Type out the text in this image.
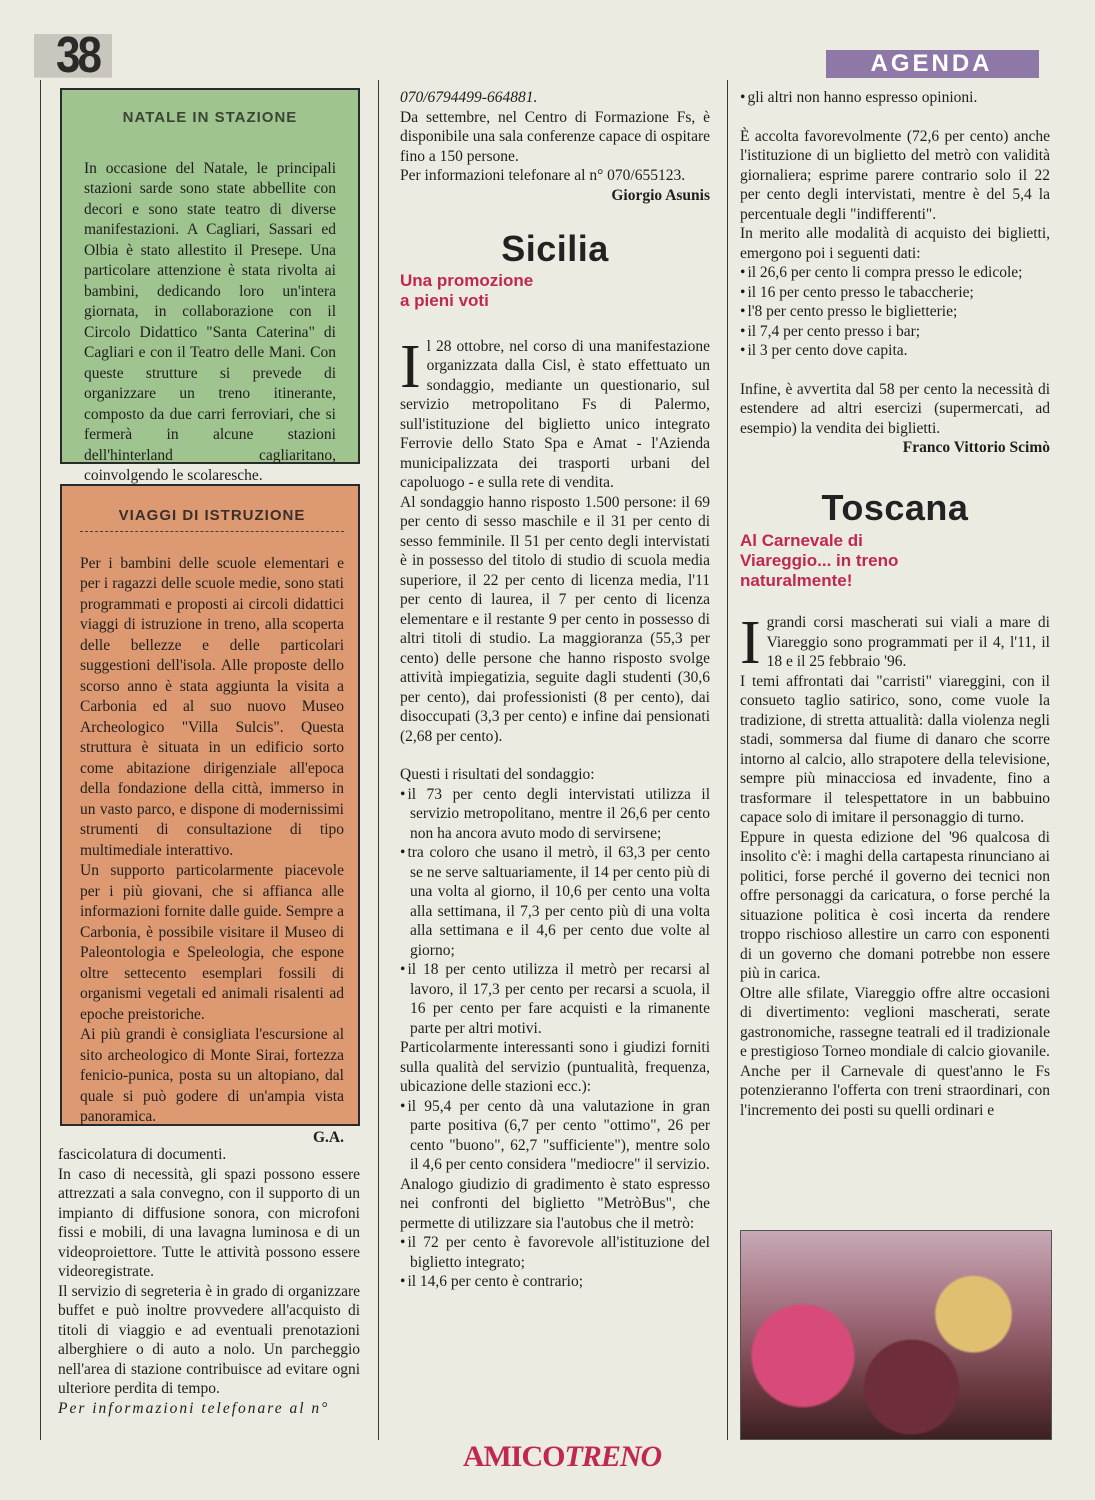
38	AGENDA
NATALE IN STAZIONE
In occasione del Natale, le principali stazioni sarde sono state abbellite con decori e sono state teatro di diverse manifestazioni. A Cagliari, Sassari ed Olbia è stato allestito il Presepe. Una particolare attenzione è stata rivolta ai bambini, dedicando loro un'intera giornata, in collaborazione con il Circolo Didattico "Santa Caterina" di Cagliari e con il Teatro delle Mani. Con queste strutture si prevede di organizzare un treno itinerante, composto da due carri ferroviari, che si fermerà in alcune stazioni dell'hinterland cagliaritano, coinvolgendo le scolaresche.
VIAGGI DI ISTRUZIONE
Per i bambini delle scuole elementari e per i ragazzi delle scuole medie, sono stati programmati e proposti ai circoli didattici viaggi di istruzione in treno, alla scoperta delle bellezze e delle particolari suggestioni dell'isola. Alle proposte dello scorso anno è stata aggiunta la visita a Carbonia ed al suo nuovo Museo Archeologico "Villa Sulcis". Questa struttura è situata in un edificio sorto come abitazione dirigenziale all'epoca della fondazione della città, immerso in un vasto parco, e dispone di modernissimi strumenti di consultazione di tipo multimediale interattivo.
Un supporto particolarmente piacevole per i più giovani, che si affianca alle informazioni fornite dalle guide. Sempre a Carbonia, è possibile visitare il Museo di Paleontologia e Speleologia, che espone oltre settecento esemplari fossili di organismi vegetali ed animali risalenti ad epoche preistoriche.
Ai più grandi è consigliata l'escursione al sito archeologico di Monte Sirai, fortezza fenicio-punica, posta su un altopiano, dal quale si può godere di un'ampia vista panoramica.
G.A.

fascicolatura di documenti.

In caso di necessità, gli spazi possono essere attrezzati a sala convegno, con il supporto di un impianto di diffusione sonora, con microfoni fissi e mobili, di una lavagna luminosa e di un videoproiettore. Tutte le attività possono essere videoregistrate.

Il servizio di segreteria è in grado di organizzare buffet e può inoltre provvedere all'acquisto di titoli di viaggio e ad eventuali prenotazioni alberghiere o di auto a nolo. Un parcheggio nell'area di stazione contribuisce ad evitare ogni ulteriore perdita di tempo.

Per informazioni telefonare al n°

070/6794499-664881.

Da settembre, nel Centro di Formazione Fs, è disponibile una sala conferenze capace di ospitare fino a 150 persone.

Per informazioni telefonare al n° 070/655123.

Giorgio Asunis

Sicilia

Una promozione

a pieni voti

Il 28 ottobre, nel corso di una manifestazione organizzata dalla Cisl, è stato effettuato un sondaggio, mediante un questionario, sul servizio metropolitano Fs di Palermo, sull'istituzione del biglietto unico integrato Ferrovie dello Stato Spa e Amat - l'Azienda municipalizzata dei trasporti urbani del capoluogo - e sulla rete di vendita.

Al sondaggio hanno risposto 1.500 persone: il 69 per cento di sesso maschile e il 31 per cento di sesso femminile. Il 51 per cento degli intervistati è in possesso del titolo di studio di scuola media superiore, il 22 per cento di licenza media, l'11 per cento di laurea, il 7 per cento di licenza elementare e il restante 9 per cento in possesso di altri titoli di studio. La maggioranza (55,3 per cento) delle persone che hanno risposto svolge attività impiegatizia, seguite dagli studenti (30,6 per cento), dai professionisti (8 per cento), dai disoccupati (3,3 per cento) e infine dai pensionati (2,68 per cento).

Questi i risultati del sondaggio:

• il 73 per cento degli intervistati utilizza il servizio metropolitano, mentre il 26,6 per cento non ha ancora avuto modo di servirsene;

• tra coloro che usano il metrò, il 63,3 per cento se ne serve saltuariamente, il 14 per cento più di una volta al giorno, il 10,6 per cento una volta alla settimana, il 7,3 per cento più di una volta alla settimana e il 4,6 per cento due volte al giorno;

• il 18 per cento utilizza il metrò per recarsi al lavoro, il 17,3 per cento per recarsi a scuola, il 16 per cento per fare acquisti e la rimanente parte per altri motivi.

Particolarmente interessanti sono i giudizi forniti sulla qualità del servizio (puntualità, frequenza, ubicazione delle stazioni ecc.):

• il 95,4 per cento dà una valutazione in gran parte positiva (6,7 per cento "ottimo", 26 per cento "buono", 62,7 "sufficiente"), mentre solo il 4,6 per cento considera "mediocre" il servizio.

Analogo giudizio di gradimento è stato espresso nei confronti del biglietto "MetròBus", che permette di utilizzare sia l'autobus che il metrò:

• il 72 per cento è favorevole all'istituzione del biglietto integrato;

• il 14,6 per cento è contrario;

• gli altri non hanno espresso opinioni.

È accolta favorevolmente (72,6 per cento) anche l'istituzione di un biglietto del metrò con validità giornaliera; esprime parere contrario solo il 22 per cento degli intervistati, mentre è del 5,4 la percentuale degli "indifferenti".

In merito alle modalità di acquisto dei biglietti, emergono poi i seguenti dati:

• il 26,6 per cento li compra presso le edicole;

• il 16 per cento presso le tabaccherie;

• l'8 per cento presso le biglietterie;

• il 7,4 per cento presso i bar;

• il 3 per cento dove capita.

Infine, è avvertita dal 58 per cento la necessità di estendere ad altri esercizi (supermercati, ad esempio) la vendita dei biglietti.

Franco Vittorio Scimò

Toscana

Al Carnevale di

Viareggio... in treno

naturalmente!

Igrandi corsi mascherati sui viali a mare di Viareggio sono programmati per il 4, l'11, il 18 e il 25 febbraio '96.

I temi affrontati dai "carristi" viareggini, con il consueto taglio satirico, sono, come vuole la tradizione, di stretta attualità: dalla violenza negli stadi, sommersa dal fiume di danaro che scorre intorno al calcio, allo strapotere della televisione, sempre più minacciosa ed invadente, fino a trasformare il telespettatore in un babbuino capace solo di imitare il personaggio di turno.

Eppure in questa edizione del '96 qualcosa di insolito c'è: i maghi della cartapesta rinunciano ai politici, forse perché il governo dei tecnici non offre personaggi da caricatura, o forse perché la situazione politica è così incerta da rendere troppo rischioso allestire un carro con esponenti di un governo che domani potrebbe non essere più in carica.

Oltre alle sfilate, Viareggio offre altre occasioni di divertimento: veglioni mascherati, serate gastronomiche, rassegne teatrali ed il tradizionale e prestigioso Torneo mondiale di calcio giovanile.

Anche per il Carnevale di quest'anno le Fs potenzieranno l'offerta con treni straordinari, con l'incremento dei posti su quelli ordinari e

AMICOTRENO
